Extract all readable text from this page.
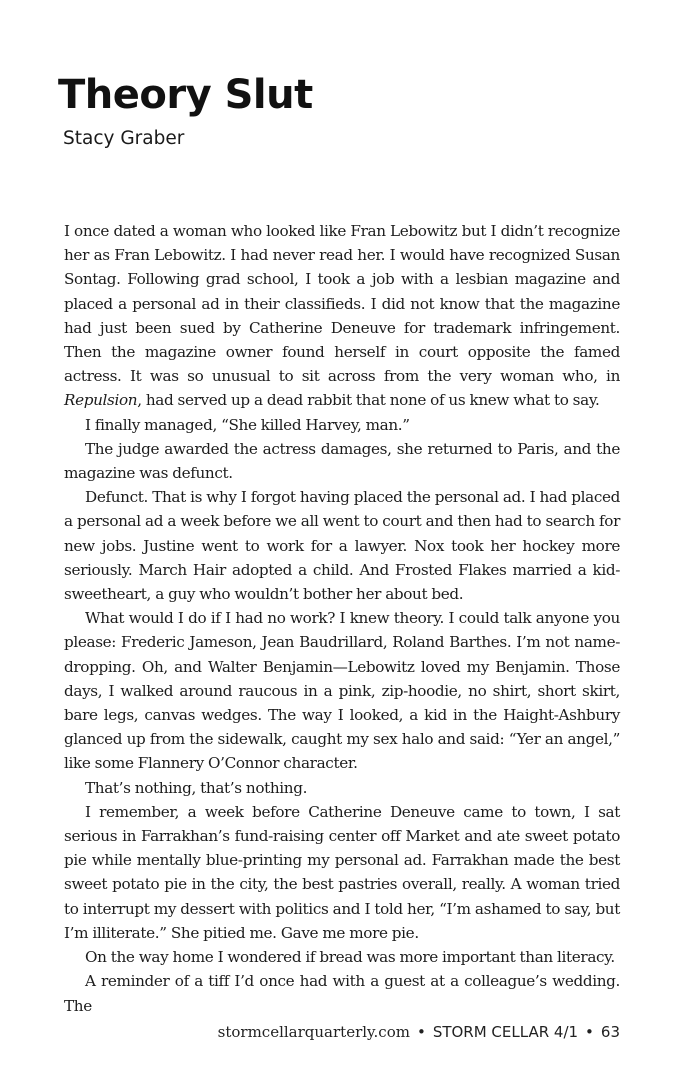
Theory Slut
Stacy Graber

I once dated a woman who looked like Fran Lebowitz but I didn’t recognize her as Fran Lebowitz. I had never read her. I would have recognized Susan Sontag. Following grad school, I took a job with a lesbian magazine and placed a personal ad in their classifieds. I did not know that the magazine had just been sued by Catherine Deneuve for trademark infringement. Then the magazine owner found herself in court opposite the famed actress. It was so unusual to sit across from the very woman who, in Repulsion, had served up a dead rabbit that none of us knew what to say.

I finally managed, “She killed Harvey, man.”

The judge awarded the actress damages, she returned to Paris, and the magazine was defunct.

Defunct. That is why I forgot having placed the personal ad. I had placed a personal ad a week before we all went to court and then had to search for new jobs. Justine went to work for a lawyer. Nox took her hockey more seriously. March Hair adopted a child. And Frosted Flakes married a kid-sweetheart, a guy who wouldn’t bother her about bed.

What would I do if I had no work? I knew theory. I could talk anyone you please: Frederic Jameson, Jean Baudrillard, Roland Barthes. I’m not name-dropping. Oh, and Walter Benjamin—Lebowitz loved my Benjamin. Those days, I walked around raucous in a pink, zip-hoodie, no shirt, short skirt, bare legs, canvas wedges. The way I looked, a kid in the Haight-Ashbury glanced up from the sidewalk, caught my sex halo and said: “Yer an angel,” like some Flannery O’Connor character.

That’s nothing, that’s nothing.

I remember, a week before Catherine Deneuve came to town, I sat serious in Farrakhan’s fund-raising center off Market and ate sweet potato pie while mentally blue-printing my personal ad. Farrakhan made the best sweet potato pie in the city, the best pastries overall, really. A woman tried to interrupt my dessert with politics and I told her, “I’m ashamed to say, but I’m illiterate.” She pitied me. Gave me more pie.

On the way home I wondered if bread was more important than literacy.

A reminder of a tiff I’d once had with a guest at a colleague’s wedding. The

stormcellarquarterly.com • STORM CELLAR 4/1 • 63
